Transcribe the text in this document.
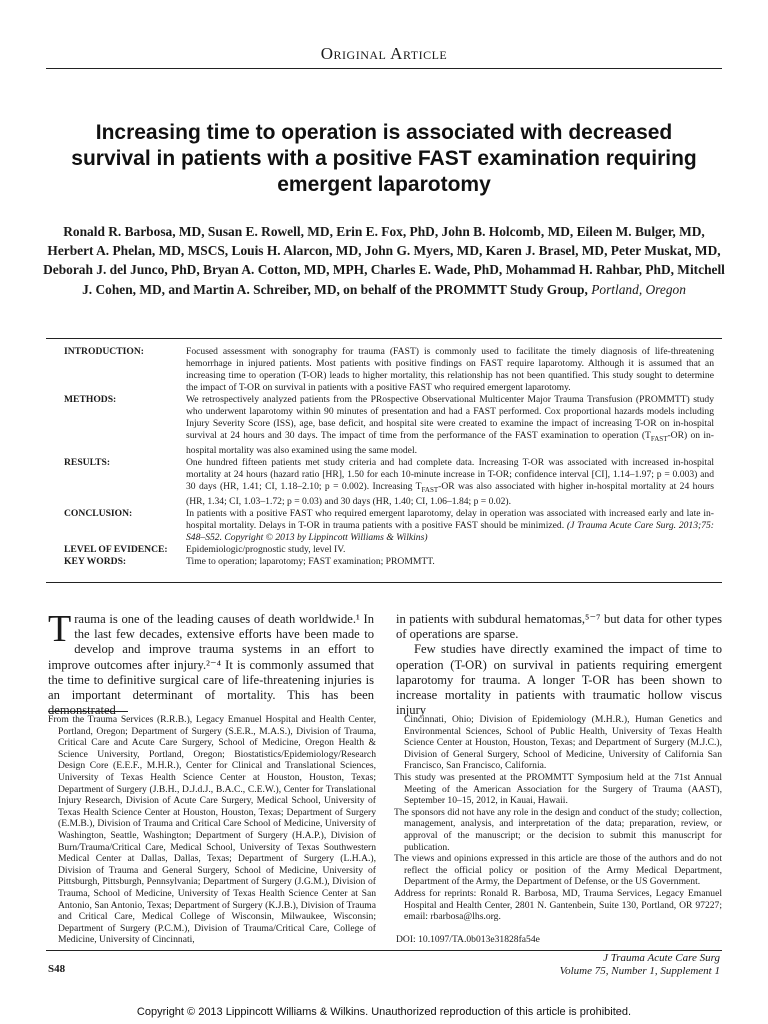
Original Article
Increasing time to operation is associated with decreased survival in patients with a positive FAST examination requiring emergent laparotomy
Ronald R. Barbosa, MD, Susan E. Rowell, MD, Erin E. Fox, PhD, John B. Holcomb, MD, Eileen M. Bulger, MD, Herbert A. Phelan, MD, MSCS, Louis H. Alarcon, MD, John G. Myers, MD, Karen J. Brasel, MD, Peter Muskat, MD, Deborah J. del Junco, PhD, Bryan A. Cotton, MD, MPH, Charles E. Wade, PhD, Mohammad H. Rahbar, PhD, Mitchell J. Cohen, MD, and Martin A. Schreiber, MD, on behalf of the PROMMTT Study Group, Portland, Oregon
INTRODUCTION:	Focused assessment with sonography for trauma (FAST) is commonly used to facilitate the timely diagnosis of life-threatening hemorrhage in injured patients. Most patients with positive findings on FAST require laparotomy. Although it is assumed that an increasing time to operation (T-OR) leads to higher mortality, this relationship has not been quantified. This study sought to determine the impact of T-OR on survival in patients with a positive FAST who required emergent laparotomy.
METHODS:	We retrospectively analyzed patients from the PRospective Observational Multicenter Major Trauma Transfusion (PROMMTT) study who underwent laparotomy within 90 minutes of presentation and had a FAST performed. Cox proportional hazards models including Injury Severity Score (ISS), age, base deficit, and hospital site were created to examine the impact of increasing T-OR on in-hospital survival at 24 hours and 30 days. The impact of time from the performance of the FAST examination to operation $(T_{FAST}-OR)$ on in-hospital mortality was also examined using the same model.
RESULTS:	One hundred fifteen patients met study criteria and had complete data. Increasing T-OR was associated with increased in-hospital mortality at 24 hours (hazard ratio [HR], 1.50 for each 10-minute increase in T-OR; confidence interval [CI], 1.14–1.97; p = 0.003) and 30 days (HR, 1.41; CI, 1.18–2.10; p = 0.002). Increasing $T_{FAST}-OR$ was also associated with higher in-hospital mortality at 24 hours (HR, 1.34; CI, 1.03–1.72; p = 0.03) and 30 days (HR, 1.40; CI, 1.06–1.84; p = 0.02).
CONCLUSION:	In patients with a positive FAST who required emergent laparotomy, delay in operation was associated with increased early and late in-hospital mortality. Delays in T-OR in trauma patients with a positive FAST should be minimized. (J Trauma Acute Care Surg. 2013;75: S48–S52. Copyright © 2013 by Lippincott Williams & Wilkins)
LEVEL OF EVIDENCE:	Epidemiologic/prognostic study, level IV.
KEY WORDS:	Time to operation; laparotomy; FAST examination; PROMMTT.
Trauma is one of the leading causes of death worldwide.¹ In the last few decades, extensive efforts have been made to develop and improve trauma systems in an effort to improve outcomes after injury.²⁻⁴ It is commonly assumed that the time to definitive surgical care of life-threatening injuries is an important determinant of mortality. This has been demonstrated
in patients with subdural hematomas,⁵⁻⁷ but data for other types of operations are sparse.
Few studies have directly examined the impact of time to operation (T-OR) on survival in patients requiring emergent laparotomy for trauma. A longer T-OR has been shown to increase mortality in patients with traumatic hollow viscus injury
From the Trauma Services (R.R.B.), Legacy Emanuel Hospital and Health Center, Portland, Oregon; Department of Surgery (S.E.R., M.A.S.), Division of Trauma, Critical Care and Acute Care Surgery, School of Medicine, Oregon Health & Science University, Portland, Oregon; Biostatistics/Epidemiology/Research Design Core (E.E.F., M.H.R.), Center for Clinical and Translational Sciences, University of Texas Health Science Center at Houston, Houston, Texas; Department of Surgery (J.B.H., D.J.d.J., B.A.C., C.E.W.), Center for Translational Injury Research, Division of Acute Care Surgery, Medical School, University of Texas Health Science Center at Houston, Houston, Texas; Department of Surgery (E.M.B.), Division of Trauma and Critical Care School of Medicine, University of Washington, Seattle, Washington; Department of Surgery (H.A.P.), Division of Burn/Trauma/Critical Care, Medical School, University of Texas Southwestern Medical Center at Dallas, Dallas, Texas; Department of Surgery (L.H.A.), Division of Trauma and General Surgery, School of Medicine, University of Pittsburgh, Pittsburgh, Pennsylvania; Department of Surgery (J.G.M.), Division of Trauma, School of Medicine, University of Texas Health Science Center at San Antonio, San Antonio, Texas; Department of Surgery (K.J.B.), Division of Trauma and Critical Care, Medical College of Wisconsin, Milwaukee, Wisconsin; Department of Surgery (P.C.M.), Division of Trauma/Critical Care, College of Medicine, University of Cincinnati,
Cincinnati, Ohio; Division of Epidemiology (M.H.R.), Human Genetics and Environmental Sciences, School of Public Health, University of Texas Health Science Center at Houston, Houston, Texas; and Department of Surgery (M.J.C.), Division of General Surgery, School of Medicine, University of California San Francisco, San Francisco, California.
This study was presented at the PROMMTT Symposium held at the 71st Annual Meeting of the American Association for the Surgery of Trauma (AAST), September 10–15, 2012, in Kauai, Hawaii.
The sponsors did not have any role in the design and conduct of the study; collection, management, analysis, and interpretation of the data; preparation, review, or approval of the manuscript; or the decision to submit this manuscript for publication.
The views and opinions expressed in this article are those of the authors and do not reflect the official policy or position of the Army Medical Department, Department of the Army, the Department of Defense, or the US Government.
Address for reprints: Ronald R. Barbosa, MD, Trauma Services, Legacy Emanuel Hospital and Health Center, 2801 N. Gantenbein, Suite 130, Portland, OR 97227; email: rbarbosa@lhs.org.
DOI: 10.1097/TA.0b013e31828fa54e
S48
J Trauma Acute Care Surg
Volume 75, Number 1, Supplement 1
Copyright © 2013 Lippincott Williams & Wilkins. Unauthorized reproduction of this article is prohibited.
